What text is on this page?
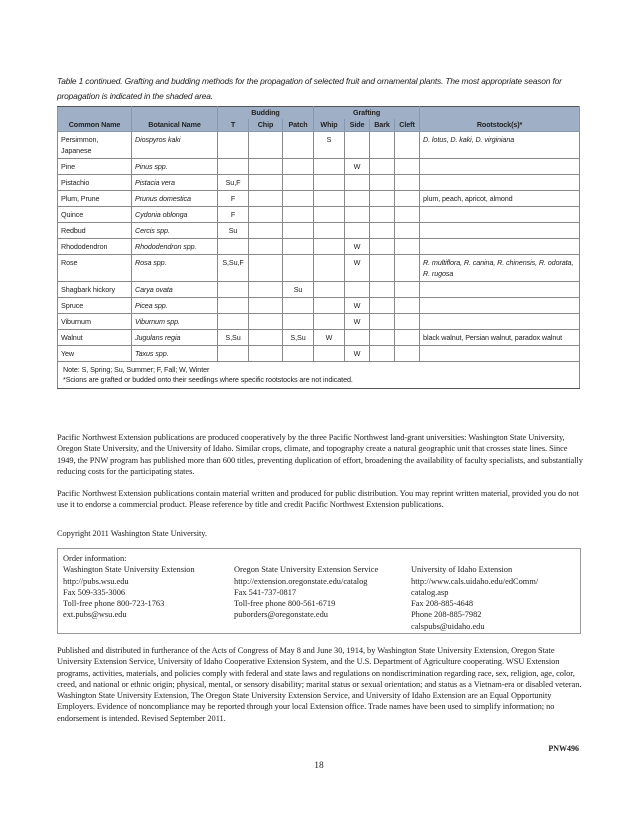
Table 1 continued. Grafting and budding methods for the propagation of selected fruit and ornamental plants. The most appropriate season for propagation is indicated in the shaded area.
		Budding			Grafting				
Common Name	Botanical Name	T	Chip	Patch	Whip	Side	Bark	Cleft	Rootstock(s)*
Persimmon, Japanese	Diospyros kaki				S				D. lotus, D. kaki, D. virginiana
Pine	Pinus spp.					W			
Pistachio	Pistacia vera	Su,F							
Plum, Prune	Prunus domestica	F							plum, peach, apricot, almond
Quince	Cydonia oblonga	F							
Redbud	Cercis spp.	Su							
Rhododendron	Rhododendron spp.					W			
Rose	Rosa spp.	S,Su,F				W			R. multiflora, R. canina, R. chinensis, R. odorata, R. rugosa
Shagbark hickory	Carya ovata			Su					
Spruce	Picea spp.					W			
Viburnum	Viburnum spp.					W			
Walnut	Jugulans regia	S,Su		S,Su	W				black walnut, Persian walnut, paradox walnut
Yew	Taxus spp.					W			

Note: S, Spring; Su, Summer; F, Fall; W, Winter
*Scions are grafted or budded onto their seedlings where specific rootstocks are not indicated.									

Pacific Northwest Extension publications are produced cooperatively by the three Pacific Northwest land-grant universities: Washington State University, Oregon State University, and the University of Idaho. Similar crops, climate, and topography create a natural geographic unit that crosses state lines. Since 1949, the PNW program has published more than 600 titles, preventing duplication of effort, broadening the availability of faculty specialists, and substantially reducing costs for the participating states.

Pacific Northwest Extension publications contain material written and produced for public distribution. You may reprint written material, provided you do not use it to endorse a commercial product. Please reference by title and credit Pacific Northwest Extension publications.

Copyright 2011 Washington State University.

Order information:
Washington State University Extension
http://pubs.wsu.edu
Fax 509-335-3006
Toll-free phone 800-723-1763
ext.pubs@wsu.edu
Oregon State University Extension Service
http://extension.oregonstate.edu/catalog
Fax 541-737-0817
Toll-free phone 800-561-6719
puborders@oregonstate.edu
University of Idaho Extension
http://www.cals.uidaho.edu/edComm/
catalog.asp
Fax 208-885-4648
Phone 208-885-7982
calspubs@uidaho.edu

Published and distributed in furtherance of the Acts of Congress of May 8 and June 30, 1914, by Washington State University Extension, Oregon State University Extension Service, University of Idaho Cooperative Extension System, and the U.S. Department of Agriculture cooperating. WSU Extension programs, activities, materials, and policies comply with federal and state laws and regulations on nondiscrimination regarding race, sex, religion, age, color, creed, and national or ethnic origin; physical, mental, or sensory disability; marital status or sexual orientation; and status as a Vietnam-era or disabled veteran. Washington State University Extension, The Oregon State University Extension Service, and University of Idaho Extension are an Equal Opportunity Employers. Evidence of noncompliance may be reported through your local Extension office. Trade names have been used to simplify information; no endorsement is intended. Revised September 2011.

PNW496
18
